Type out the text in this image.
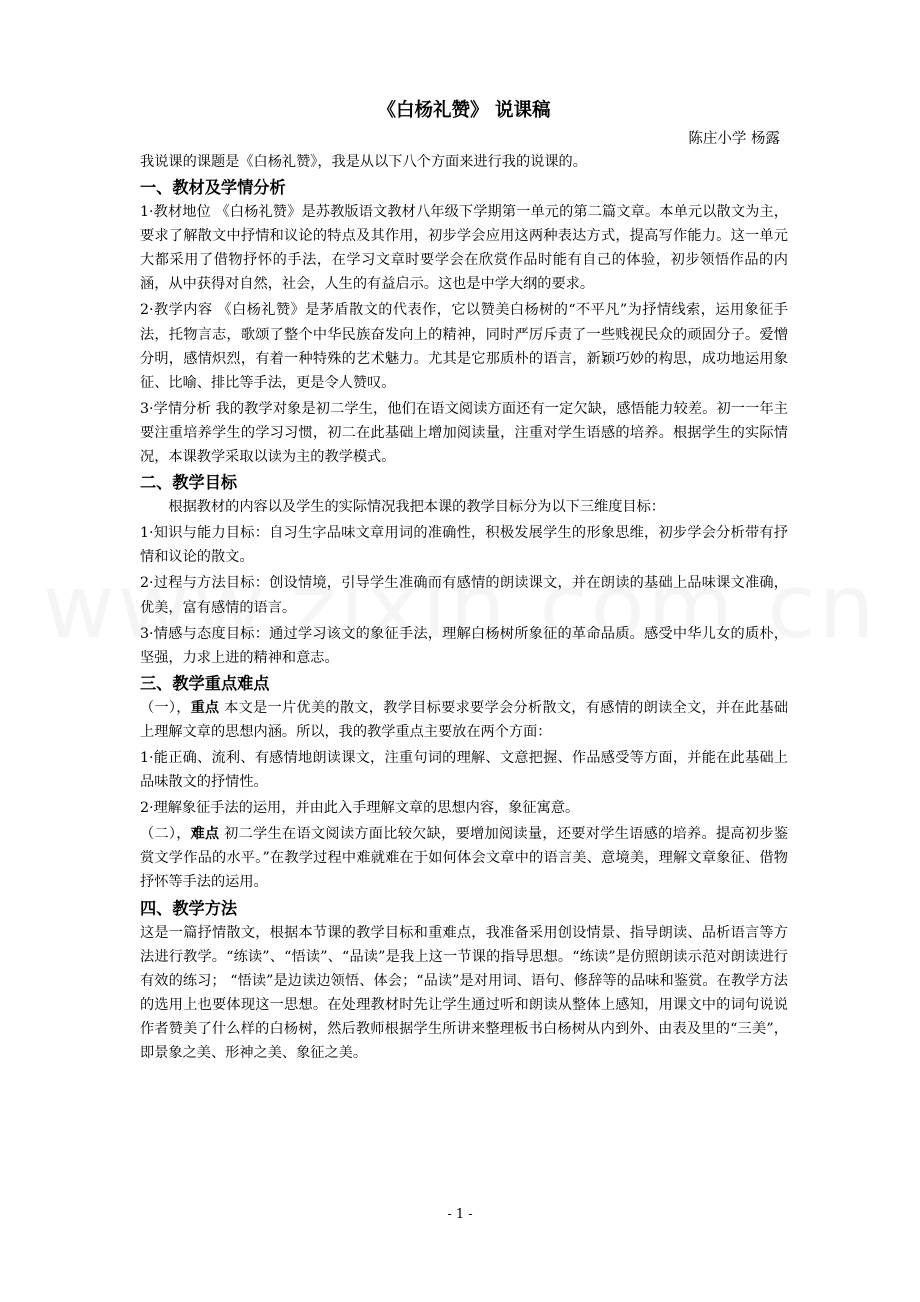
《白杨礼赞》 说课稿
陈庄小学 杨露

我说课的课题是《白杨礼赞》，我是从以下八个方面来进行我的说课的。

一、教材及学情分析

1·教材地位 《白杨礼赞》是苏教版语文教材八年级下学期第一单元的第二篇文章。本单元以散文为主，要求了解散文中抒情和议论的特点及其作用，初步学会应用这两种表达方式，提高写作能力。这一单元大都采用了借物抒怀的手法，在学习文章时要学会在欣赏作品时能有自己的体验，初步领悟作品的内涵，从中获得对自然，社会，人生的有益启示。这也是中学大纲的要求。

2·教学内容 《白杨礼赞》是茅盾散文的代表作，它以赞美白杨树的“不平凡”为抒情线索，运用象征手法，托物言志，歌颂了整个中华民族奋发向上的精神，同时严厉斥责了一些贱视民众的顽固分子。爱憎分明，感情炽烈，有着一种特殊的艺术魅力。尤其是它那质朴的语言，新颖巧妙的构思，成功地运用象征、比喻、排比等手法，更是令人赞叹。

3·学情分析 我的教学对象是初二学生，他们在语文阅读方面还有一定欠缺，感悟能力较差。初一一年主要注重培养学生的学习习惯，初二在此基础上增加阅读量，注重对学生语感的培养。根据学生的实际情况，本课教学采取以读为主的教学模式。

二、教学目标

根据教材的内容以及学生的实际情况我把本课的教学目标分为以下三维度目标：

1·知识与能力目标：自习生字品味文章用词的准确性，积极发展学生的形象思维，初步学会分析带有抒情和议论的散文。

2·过程与方法目标：创设情境，引导学生准确而有感情的朗读课文，并在朗读的基础上品味课文准确，优美，富有感情的语言。

3·情感与态度目标：通过学习该文的象征手法，理解白杨树所象征的革命品质。感受中华儿女的质朴，坚强，力求上进的精神和意志。

三、教学重点难点

（一），重点 本文是一片优美的散文，教学目标要求要学会分析散文，有感情的朗读全文，并在此基础上理解文章的思想内涵。所以，我的教学重点主要放在两个方面：

1·能正确、流利、有感情地朗读课文，注重句词的理解、文意把握、作品感受等方面，并能在此基础上品味散文的抒情性。

2·理解象征手法的运用，并由此入手理解文章的思想内容，象征寓意。

（二），难点 初二学生在语文阅读方面比较欠缺，要增加阅读量，还要对学生语感的培养。提高初步鉴赏文学作品的水平。”在教学过程中难就难在于如何体会文章中的语言美、意境美，理解文章象征、借物抒怀等手法的运用。

四、教学方法

这是一篇抒情散文，根据本节课的教学目标和重难点，我准备采用创设情景、指导朗读、品析语言等方法进行教学。“练读”、“悟读”、“品读”是我上这一节课的指导思想。“练读”是仿照朗读示范对朗读进行有效的练习； “悟读”是边读边领悟、体会；“品读”是对用词、语句、修辞等的品味和鉴赏。在教学方法的选用上也要体现这一思想。在处理教材时先让学生通过听和朗读从整体上感知，用课文中的词句说说作者赞美了什么样的白杨树，然后教师根据学生所讲来整理板书白杨树从内到外、由表及里的“三美”，即景象之美、形神之美、象征之美。

- 1 -
